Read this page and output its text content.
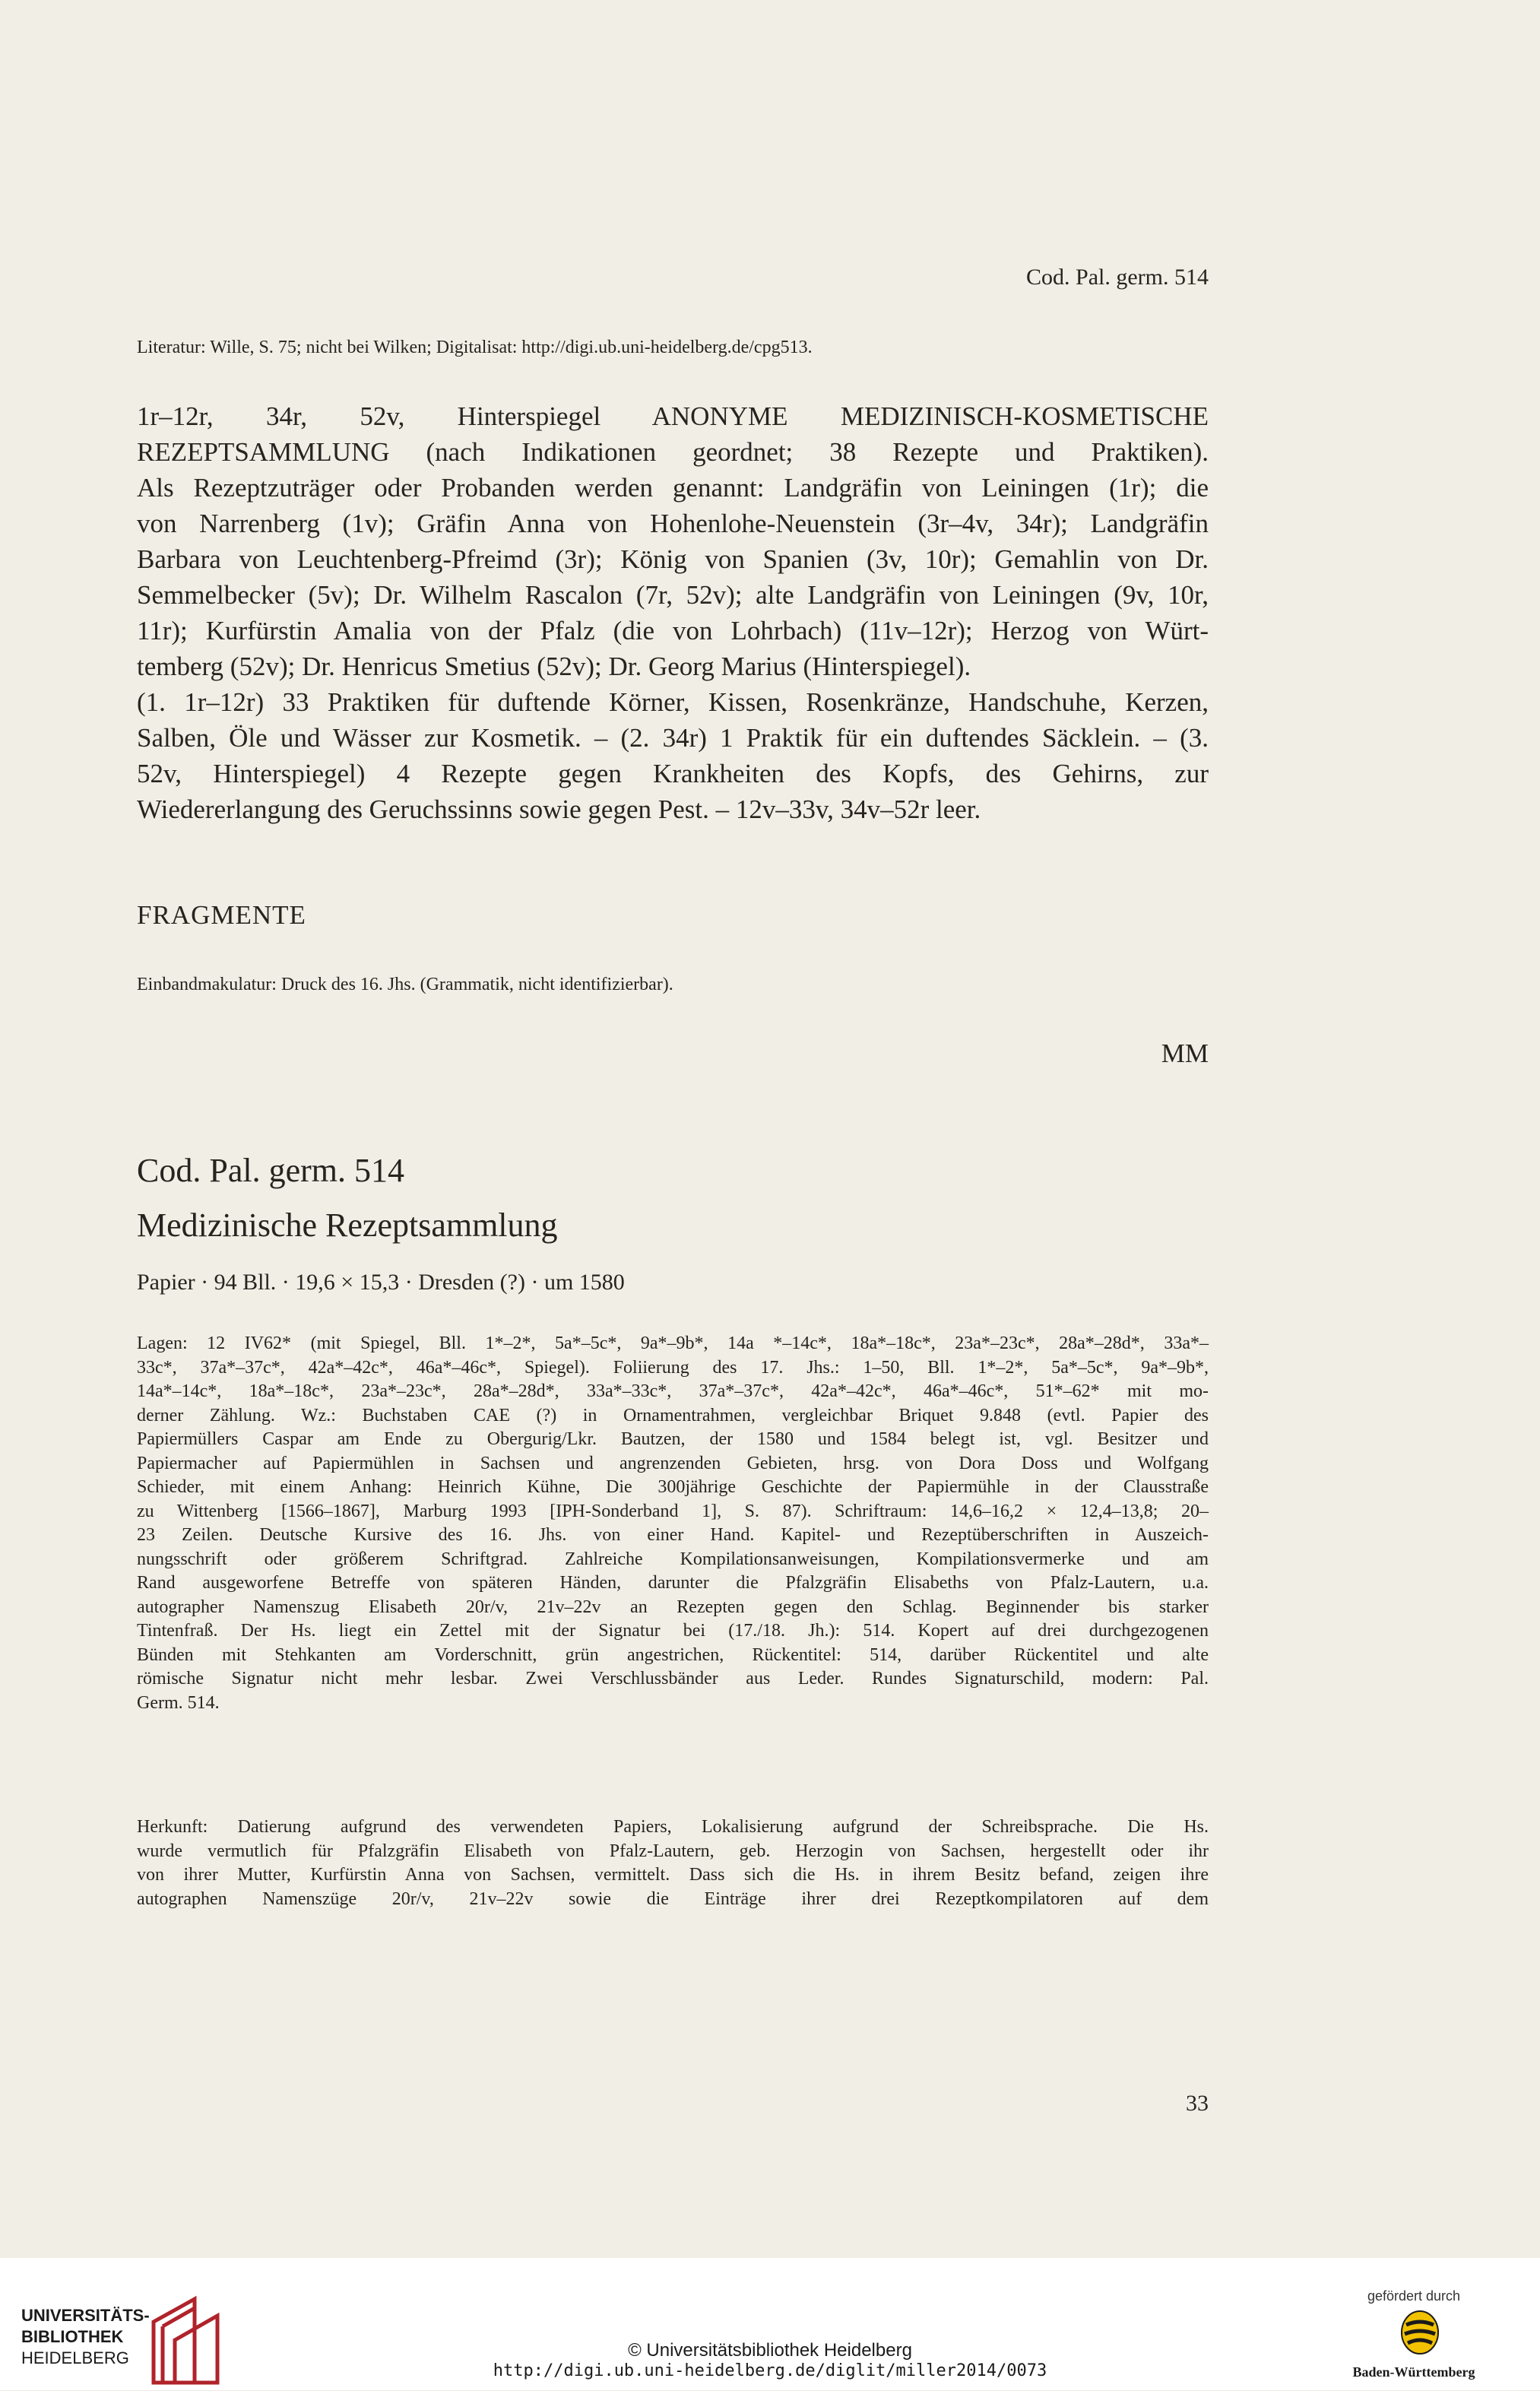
Cod. Pal. germ. 514
Literatur: Wille, S. 75; nicht bei Wilken; Digitalisat: http://digi.ub.uni-heidelberg.de/cpg513.

1r–12r, 34r, 52v, Hinterspiegel ANONYME MEDIZINISCH-KOSMETISCHE

REZEPTSAMMLUNG (nach Indikationen geordnet; 38 Rezepte und Praktiken).

Als Rezeptzuträger oder Probanden werden genannt: Landgräfin von Leiningen (1r); die

von Narrenberg (1v); Gräfin Anna von Hohenlohe-Neuenstein (3r–4v, 34r); Landgräfin

Barbara von Leuchtenberg-Pfreimd (3r); König von Spanien (3v, 10r); Gemahlin von Dr.

Semmelbecker (5v); Dr. Wilhelm Rascalon (7r, 52v); alte Landgräfin von Leiningen (9v, 10r,

11r); Kurfürstin Amalia von der Pfalz (die von Lohrbach) (11v–12r); Herzog von Würt-

temberg (52v); Dr. Henricus Smetius (52v); Dr. Georg Marius (Hinterspiegel).

(1. 1r–12r) 33 Praktiken für duftende Körner, Kissen, Rosenkränze, Handschuhe, Kerzen,

Salben, Öle und Wässer zur Kosmetik. – (2. 34r) 1 Praktik für ein duftendes Säcklein. – (3.

52v, Hinterspiegel) 4 Rezepte gegen Krankheiten des Kopfs, des Gehirns, zur

Wiedererlangung des Geruchssinns sowie gegen Pest. – 12v–33v, 34v–52r leer.

FRAGMENTE
Einbandmakulatur: Druck des 16. Jhs. (Grammatik, nicht identifizierbar).
MM
Cod. Pal. germ. 514
Medizinische Rezeptsammlung
Papier · 94 Bll. · 19,6 × 15,3 · Dresden (?) · um 1580

Lagen: 12 IV62* (mit Spiegel, Bll. 1*–2*, 5a*–5c*, 9a*–9b*, 14a *–14c*, 18a*–18c*, 23a*–23c*, 28a*–28d*, 33a*–

33c*, 37a*–37c*, 42a*–42c*, 46a*–46c*, Spiegel). Foliierung des 17. Jhs.: 1–50, Bll. 1*–2*, 5a*–5c*, 9a*–9b*,

14a*–14c*, 18a*–18c*, 23a*–23c*, 28a*–28d*, 33a*–33c*, 37a*–37c*, 42a*–42c*, 46a*–46c*, 51*–62* mit mo-

derner Zählung. Wz.: Buchstaben CAE (?) in Ornamentrahmen, vergleichbar Briquet 9.848 (evtl. Papier des

Papiermüllers Caspar am Ende zu Obergurig/Lkr. Bautzen, der 1580 und 1584 belegt ist, vgl. Besitzer und

Papiermacher auf Papiermühlen in Sachsen und angrenzenden Gebieten, hrsg. von Dora Doss und Wolfgang

Schieder, mit einem Anhang: Heinrich Kühne, Die 300jährige Geschichte der Papiermühle in der Clausstraße

zu Wittenberg [1566–1867], Marburg 1993 [IPH-Sonderband 1], S. 87). Schriftraum: 14,6–16,2 × 12,4–13,8; 20–

23 Zeilen. Deutsche Kursive des 16. Jhs. von einer Hand. Kapitel- und Rezeptüberschriften in Auszeich-

nungsschrift oder größerem Schriftgrad. Zahlreiche Kompilationsanweisungen, Kompilationsvermerke und am

Rand ausgeworfene Betreffe von späteren Händen, darunter die Pfalzgräfin Elisabeths von Pfalz-Lautern, u.a.

autographer Namenszug Elisabeth 20r/v, 21v–22v an Rezepten gegen den Schlag. Beginnender bis starker

Tintenfraß. Der Hs. liegt ein Zettel mit der Signatur bei (17./18. Jh.): 514. Kopert auf drei durchgezogenen

Bünden mit Stehkanten am Vorderschnitt, grün angestrichen, Rückentitel: 514, darüber Rückentitel und alte

römische Signatur nicht mehr lesbar. Zwei Verschlussbänder aus Leder. Rundes Signaturschild, modern: Pal.

Germ. 514.

Herkunft: Datierung aufgrund des verwendeten Papiers, Lokalisierung aufgrund der Schreibsprache. Die Hs.

wurde vermutlich für Pfalzgräfin Elisabeth von Pfalz-Lautern, geb. Herzogin von Sachsen, hergestellt oder ihr

von ihrer Mutter, Kurfürstin Anna von Sachsen, vermittelt. Dass sich die Hs. in ihrem Besitz befand, zeigen ihre

autographen Namenszüge 20r/v, 21v–22v sowie die Einträge ihrer drei Rezeptkompilatoren auf dem

33
UNIVERSITÄTS-
BIBLIOTHEK
HEIDELBERG	© Universitätsbibliothek Heidelberg
http://digi.ub.uni-heidelberg.de/diglit/miller2014/0073
gefördert durch
Baden-Württemberg
